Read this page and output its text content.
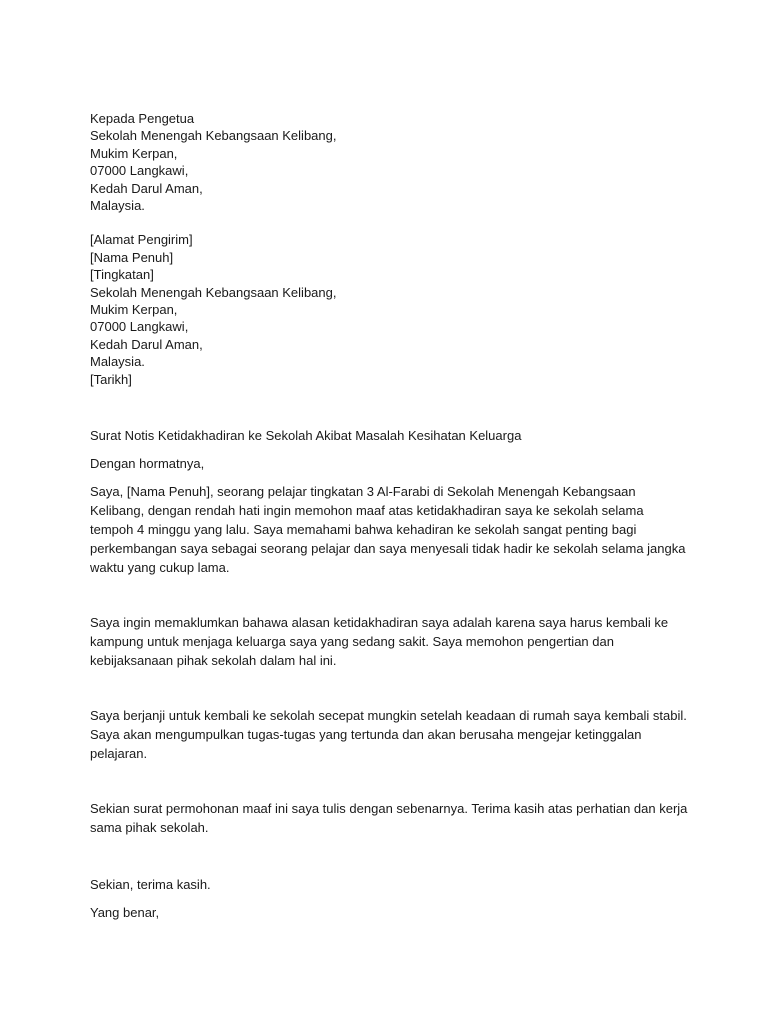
Kepada Pengetua
Sekolah Menengah Kebangsaan Kelibang,
Mukim Kerpan,
07000 Langkawi,
Kedah Darul Aman,
Malaysia.
[Alamat Pengirim]
[Nama Penuh]
[Tingkatan]
Sekolah Menengah Kebangsaan Kelibang,
Mukim Kerpan,
07000 Langkawi,
Kedah Darul Aman,
Malaysia.
[Tarikh]

Surat Notis Ketidakhadiran ke Sekolah Akibat Masalah Kesihatan Keluarga

Dengan hormatnya,

Saya, [Nama Penuh], seorang pelajar tingkatan 3 Al-Farabi di Sekolah Menengah Kebangsaan Kelibang, dengan rendah hati ingin memohon maaf atas ketidakhadiran saya ke sekolah selama tempoh 4 minggu yang lalu. Saya memahami bahwa kehadiran ke sekolah sangat penting bagi perkembangan saya sebagai seorang pelajar dan saya menyesali tidak hadir ke sekolah selama jangka waktu yang cukup lama.

Saya ingin memaklumkan bahawa alasan ketidakhadiran saya adalah karena saya harus kembali ke kampung untuk menjaga keluarga saya yang sedang sakit. Saya memohon pengertian dan kebijaksanaan pihak sekolah dalam hal ini.

Saya berjanji untuk kembali ke sekolah secepat mungkin setelah keadaan di rumah saya kembali stabil. Saya akan mengumpulkan tugas-tugas yang tertunda dan akan berusaha mengejar ketinggalan pelajaran.

Sekian surat permohonan maaf ini saya tulis dengan sebenarnya. Terima kasih atas perhatian dan kerja sama pihak sekolah.

Sekian, terima kasih.

Yang benar,
